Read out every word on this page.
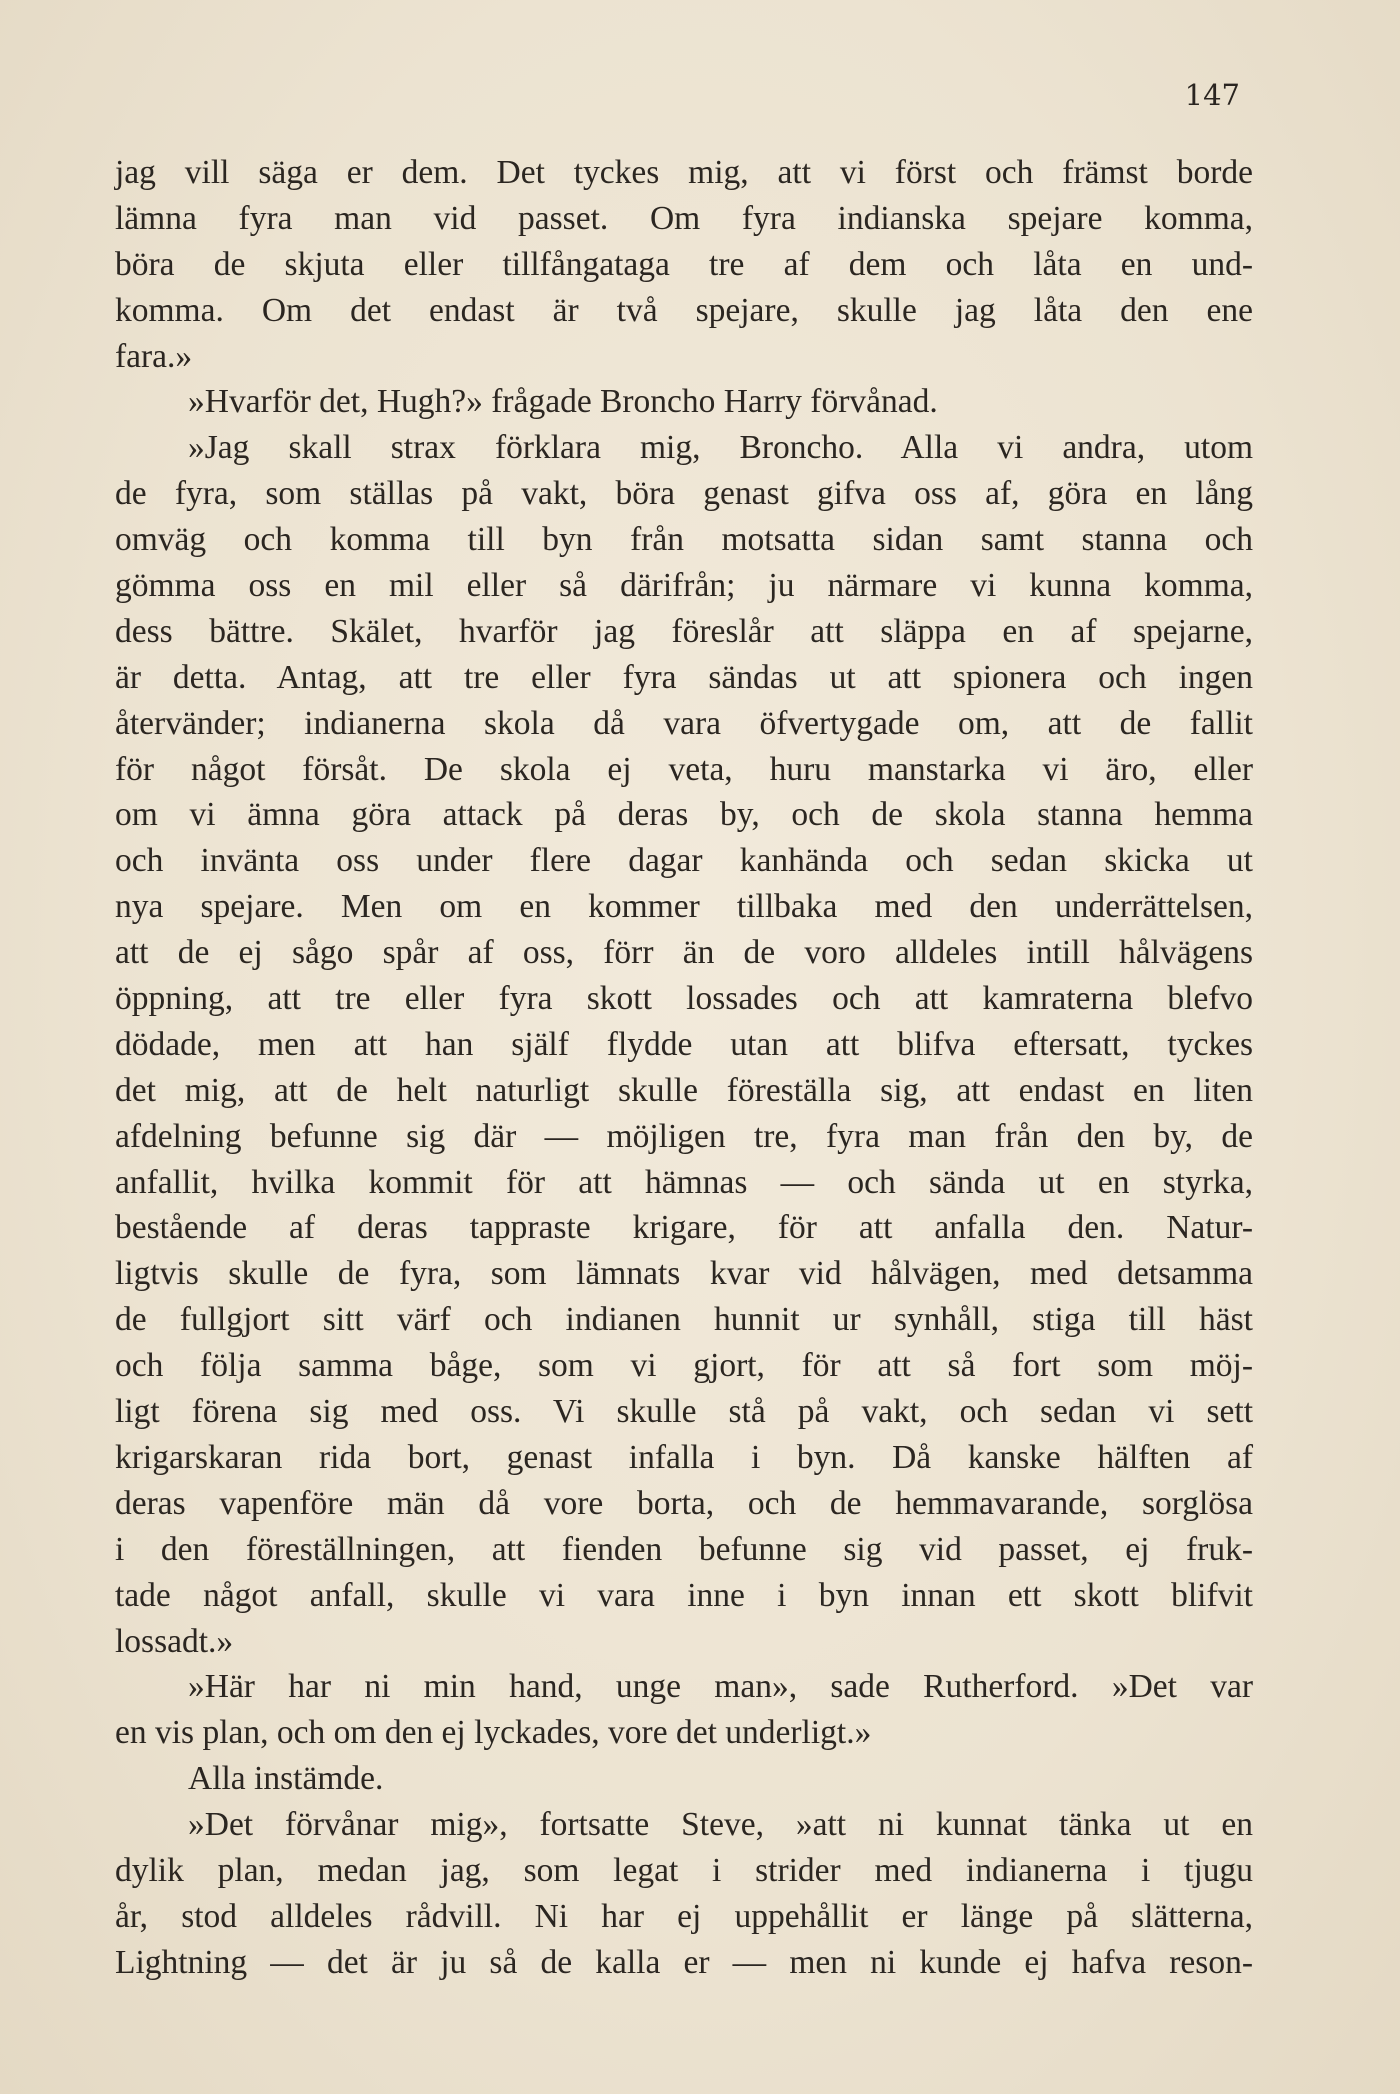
147
jag vill säga er dem. Det tyckes mig, att vi först och främst borde
lämna fyra man vid passet. Om fyra indianska spejare komma,
böra de skjuta eller tillfångataga tre af dem och låta en und-
komma. Om det endast är två spejare, skulle jag låta den ene
fara.»
»Hvarför det, Hugh?» frågade Broncho Harry förvånad.
»Jag skall strax förklara mig, Broncho. Alla vi andra, utom
de fyra, som ställas på vakt, böra genast gifva oss af, göra en lång
omväg och komma till byn från motsatta sidan samt stanna och
gömma oss en mil eller så därifrån; ju närmare vi kunna komma,
dess bättre. Skälet, hvarför jag föreslår att släppa en af spejarne,
är detta. Antag, att tre eller fyra sändas ut att spionera och ingen
återvänder; indianerna skola då vara öfvertygade om, att de fallit
för något försåt. De skola ej veta, huru manstarka vi äro, eller
om vi ämna göra attack på deras by, och de skola stanna hemma
och invänta oss under flere dagar kanhända och sedan skicka ut
nya spejare. Men om en kommer tillbaka med den underrättelsen,
att de ej sågo spår af oss, förr än de voro alldeles intill hålvägens
öppning, att tre eller fyra skott lossades och att kamraterna blefvo
dödade, men att han själf flydde utan att blifva eftersatt, tyckes
det mig, att de helt naturligt skulle föreställa sig, att endast en liten
afdelning befunne sig där — möjligen tre, fyra man från den by, de
anfallit, hvilka kommit för att hämnas — och sända ut en styrka,
bestående af deras tappraste krigare, för att anfalla den. Natur-
ligtvis skulle de fyra, som lämnats kvar vid hålvägen, med detsamma
de fullgjort sitt värf och indianen hunnit ur synhåll, stiga till häst
och följa samma båge, som vi gjort, för att så fort som möj-
ligt förena sig med oss. Vi skulle stå på vakt, och sedan vi sett
krigarskaran rida bort, genast infalla i byn. Då kanske hälften af
deras vapenföre män då vore borta, och de hemmavarande, sorglösa
i den föreställningen, att fienden befunne sig vid passet, ej fruk-
tade något anfall, skulle vi vara inne i byn innan ett skott blifvit
lossadt.»
»Här har ni min hand, unge man», sade Rutherford. »Det var
en vis plan, och om den ej lyckades, vore det underligt.»
Alla instämde.
»Det förvånar mig», fortsatte Steve, »att ni kunnat tänka ut en
dylik plan, medan jag, som legat i strider med indianerna i tjugu
år, stod alldeles rådvill. Ni har ej uppehållit er länge på slätterna,
Lightning — det är ju så de kalla er — men ni kunde ej hafva reson-
